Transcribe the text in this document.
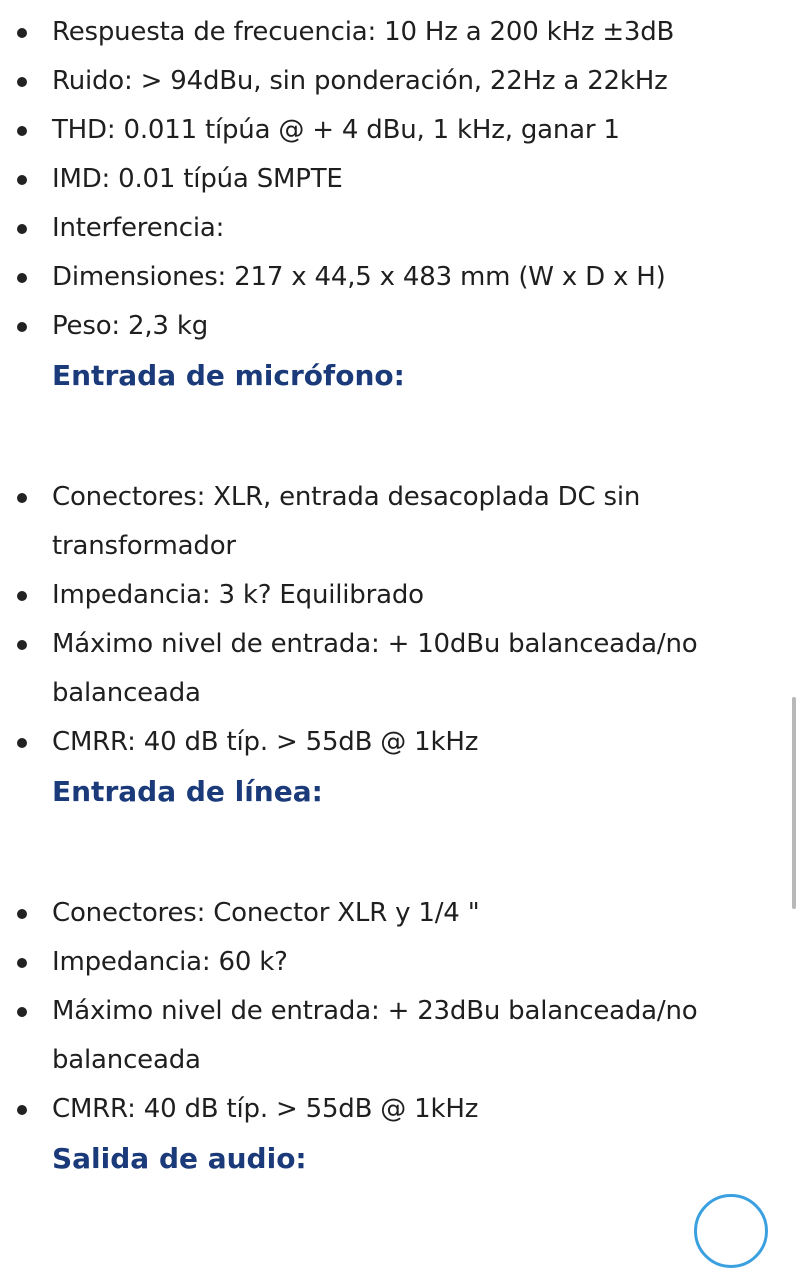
Respuesta de frecuencia: 10 Hz a 200 kHz ±3dB
Ruido: > 94dBu, sin ponderación, 22Hz a 22kHz
THD: 0.011 típúa @ + 4 dBu, 1 kHz, ganar 1
IMD: 0.01 típúa SMPTE
Interferencia:
Dimensiones: 217 x 44,5 x 483 mm (W x D x H)
Peso: 2,3 kg
Entrada de micrófono:
Conectores: XLR, entrada desacoplada DC sin transformador
Impedancia: 3 k? Equilibrado
Máximo nivel de entrada: + 10dBu balanceada/no balanceada
CMRR: 40 dB típ. > 55dB @ 1kHz
Entrada de línea:
Conectores: Conector XLR y 1/4 "
Impedancia: 60 k?
Máximo nivel de entrada: + 23dBu balanceada/no balanceada
CMRR: 40 dB típ. > 55dB @ 1kHz
Salida de audio:
